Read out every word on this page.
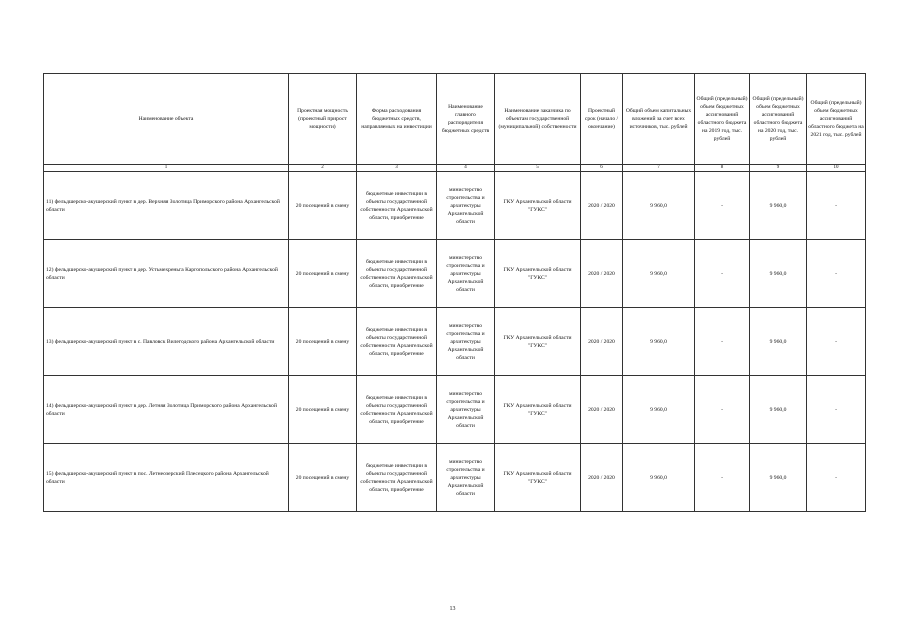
Наименование объекта	Проектная мощность (проектный прирост мощности)	Форма расходования бюджетных средств, направляемых на инвестиции	Наименование главного распорядителя бюджетных средств	Наименование заказчика по объектам государственной (муниципальной) собственности	Проектный срок (начало / окончание)	Общий объем капитальных вложений за счет всех источников, тыс. рублей	Общий (предельный) объем бюджетных ассигнований областного бюджета на 2019 год, тыс. рублей	Общий (предельный) объем бюджетных ассигнований областного бюджета на 2020 год, тыс. рублей	Общий (предельный) объем бюджетных ассигнований областного бюджета на 2021 год, тыс. рублей
1	2	3	4	5	6	7	8	9	10
11) фельдшерско-акушерский пункт в дер. Верхняя Золотица Приморского района Архангельской области	20 посещений в смену	бюджетные инвестиции в объекты государственной собственности Архангельской области, приобретение	министерство строительства и архитектуры Архангельской области	ГКУ Архангельской области "ГУКС"	2020 / 2020	9 960,0	-	9 960,0	-
12) фельдшерско-акушерский пункт в дер. Устьмехреньга Каргопольского района Архангельской области	20 посещений в смену	бюджетные инвестиции в объекты государственной собственности Архангельской области, приобретение	министерство строительства и архитектуры Архангельской области	ГКУ Архангельской области "ГУКС"	2020 / 2020	9 960,0	-	9 960,0	-
13) фельдшерско-акушерский пункт в с. Павловск Вилегодского района Архангельской области	20 посещений в смену	бюджетные инвестиции в объекты государственной собственности Архангельской области, приобретение	министерство строительства и архитектуры Архангельской области	ГКУ Архангельской области "ГУКС"	2020 / 2020	9 960,0	-	9 960,0	-
14) фельдшерско-акушерский пункт в дер. Летняя Золотица Приморского района Архангельской области	20 посещений в смену	бюджетные инвестиции в объекты государственной собственности Архангельской области, приобретение	министерство строительства и архитектуры Архангельской области	ГКУ Архангельской области "ГУКС"	2020 / 2020	9 960,0	-	9 960,0	-
15) фельдшерско-акушерский пункт в пос. Летнеозерский Плесецкого района Архангельской области	20 посещений в смену	бюджетные инвестиции в объекты государственной собственности Архангельской области, приобретение	министерство строительства и архитектуры Архангельской области	ГКУ Архангельской области "ГУКС"	2020 / 2020	9 960,0	-	9 960,0	-
13
